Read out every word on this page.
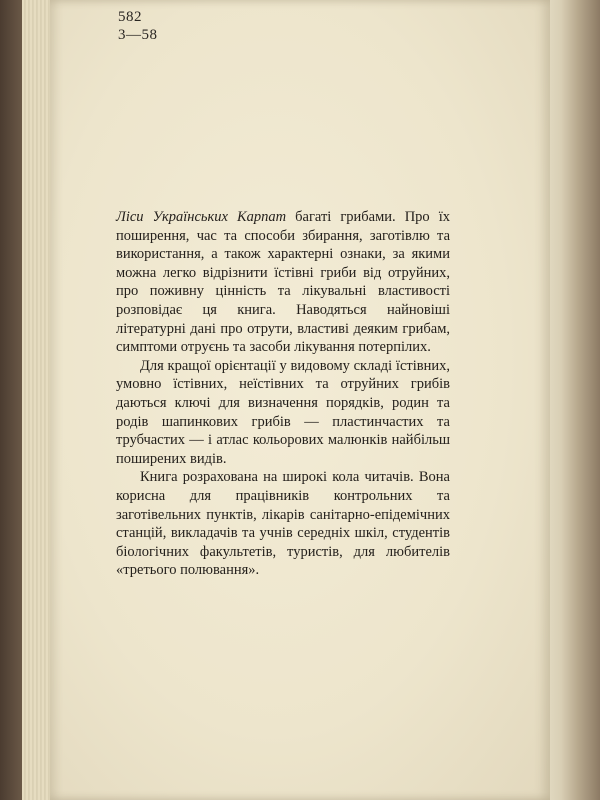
582
3—58

Ліси Українських Карпат багаті грибами. Про їх поширення, час та способи збирання, заготівлю та використання, а також характерні ознаки, за якими можна легко відрізнити їстівні гриби від отруйних, про поживну цінність та лікувальні властивості розповідає ця книга. Наводяться найновіші літературні дані про отрути, властиві деяким грибам, симптоми отруєнь та засоби лікування потерпілих.

Для кращої орієнтації у видовому складі їстівних, умовно їстівних, неїстівних та отруйних грибів даються ключі для визначення порядків, родин та родів шапинкових грибів — пластинчастих та трубчастих — і атлас кольорових малюнків найбільш поширених видів.

Книга розрахована на широкі кола читачів. Вона корисна для працівників контрольних та заготівельних пунктів, лікарів санітарно-епідемічних станцій, викладачів та учнів середніх шкіл, студентів біологічних факультетів, туристів, для любителів «третього полювання».
